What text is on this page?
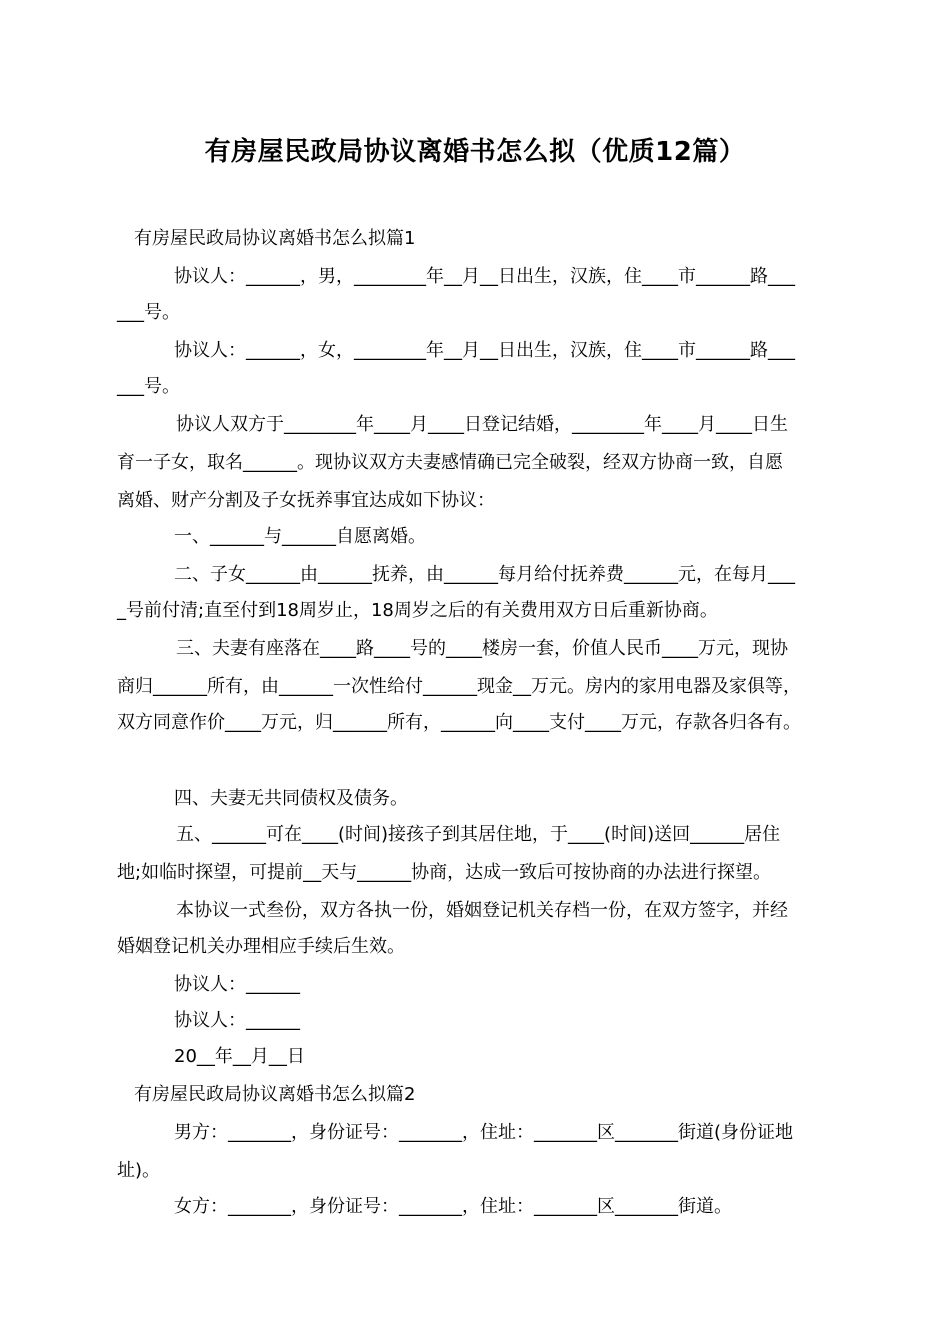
有房屋民政局协议离婚书怎么拟（优质12篇）
有房屋民政局协议离婚书怎么拟篇1
协议人：______，男，________年__月__日出生，汉族，住____市______路___
___号。
协议人：______，女，________年__月__日出生，汉族，住____市______路___
___号。
协议人双方于________年____月____日登记结婚，________年____月____日生
育一子女，取名______。现协议双方夫妻感情确已完全破裂，经双方协商一致，自愿
离婚、财产分割及子女抚养事宜达成如下协议：
一、______与______自愿离婚。
二、子女______由______抚养，由______每月给付抚养费______元，在每月___
_号前付清;直至付到18周岁止，18周岁之后的有关费用双方日后重新协商。
三、夫妻有座落在____路____号的____楼房一套，价值人民币____万元，现协
商归______所有，由______一次性给付______现金__万元。房内的家用电器及家俱等，
双方同意作价____万元，归______所有，______向____支付____万元，存款各归各有。
四、夫妻无共同债权及债务。
五、______可在____(时间)接孩子到其居住地，于____(时间)送回______居住
地;如临时探望，可提前__天与______协商，达成一致后可按协商的办法进行探望。
本协议一式叁份，双方各执一份，婚姻登记机关存档一份，在双方签字，并经
婚姻登记机关办理相应手续后生效。
协议人：______
协议人：______
20__年__月__日
有房屋民政局协议离婚书怎么拟篇2
男方：_______，身份证号：_______，住址：_______区_______街道(身份证地
址)。
女方：_______，身份证号：_______，住址：_______区_______街道。
